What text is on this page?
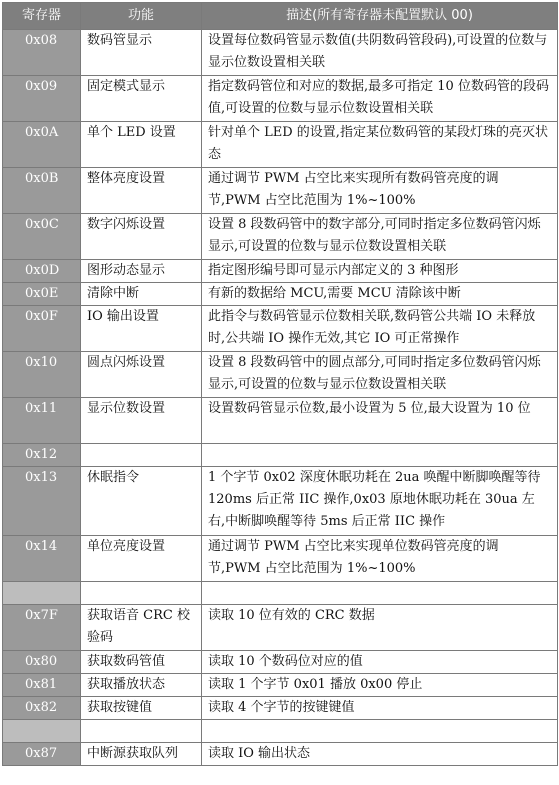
寄存器	功能	描述(所有寄存器未配置默认 00)
0x08	数码管显示	设置每位数码管显示数值(共阴数码管段码),可设置的位数与显示位数设置相关联
0x09	固定模式显示	指定数码管位和对应的数据,最多可指定 10 位数码管的段码值,可设置的位数与显示位数设置相关联
0x0A	单个 LED 设置	针对单个 LED 的设置,指定某位数码管的某段灯珠的亮灭状态
0x0B	整体亮度设置	通过调节 PWM 占空比来实现所有数码管亮度的调节,PWM 占空比范围为 1%~100%
0x0C	数字闪烁设置	设置 8 段数码管中的数字部分,可同时指定多位数码管闪烁显示,可设置的位数与显示位数设置相关联
0x0D	图形动态显示	指定图形编号即可显示内部定义的 3 种图形
0x0E	清除中断	有新的数据给 MCU,需要 MCU 清除该中断
0x0F	IO 输出设置	此指令与数码管显示位数相关联,数码管公共端 IO 未释放时,公共端 IO 操作无效,其它 IO 可正常操作
0x10	圆点闪烁设置	设置 8 段数码管中的圆点部分,可同时指定多位数码管闪烁显示,可设置的位数与显示位数设置相关联
0x11	显示位数设置	设置数码管显示位数,最小设置为 5 位,最大设置为 10 位
0x12		
0x13	休眠指令	1 个字节 0x02 深度休眠功耗在 2ua 唤醒中断脚唤醒等待 120ms 后正常 IIC 操作,0x03 原地休眠功耗在 30ua 左右,中断脚唤醒等待 5ms 后正常 IIC 操作
0x14	单位亮度设置	通过调节 PWM 占空比来实现单位数码管亮度的调节,PWM 占空比范围为 1%~100%

0x7F	获取语音 CRC 校验码	读取 10 位有效的 CRC 数据
0x80	获取数码管值	读取 10 个数码位对应的值
0x81	获取播放状态	读取 1 个字节 0x01 播放 0x00 停止
0x82	获取按键值	读取 4 个字节的按键键值

0x87	中断源获取队列	读取 IO 输出状态
